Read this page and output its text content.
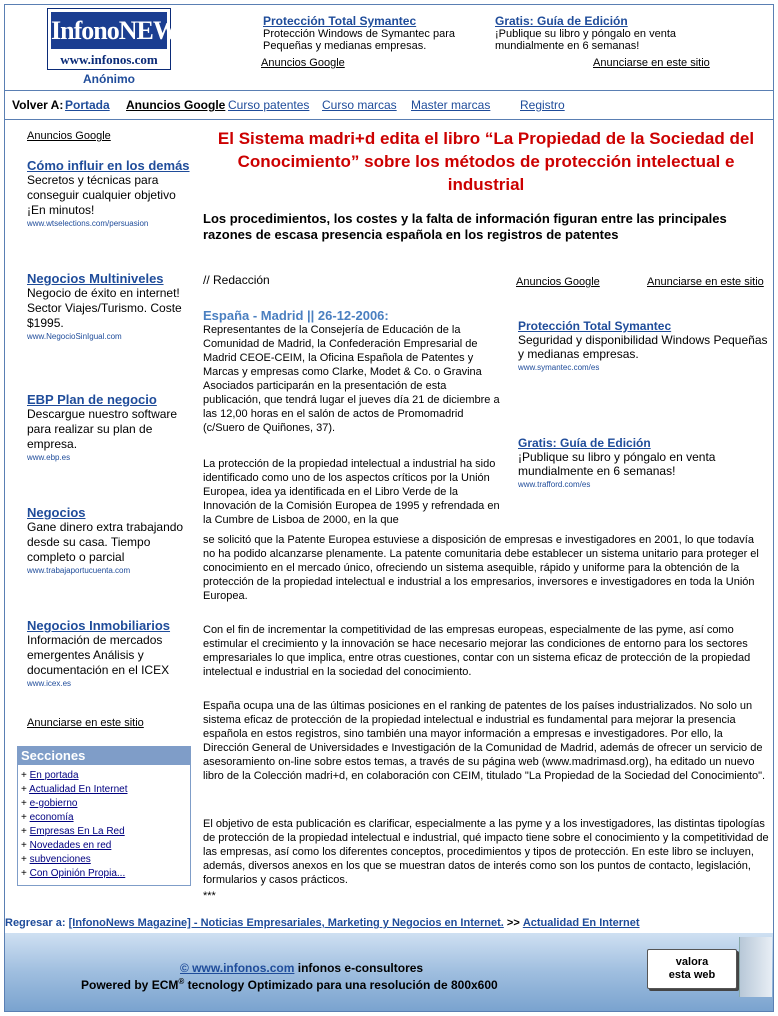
InfonoNEWS
www.infonos.com
Anónimo
Protección Total Symantec
Protección Windows de Symantec para Pequeñas y medianas empresas.
Gratis: Guía de Edición
¡Publique su libro y póngalo en venta mundialmente en 6 semanas!
Anuncios Google	Anunciarse en este sitio
Volver A: Portada Anuncios Google Curso patentes Curso marcas Master marcas Registro
Anuncios Google
Cómo influir en los demás
Secretos y técnicas para conseguir cualquier objetivo ¡En minutos!
www.wtselections.com/persuasion
Negocios Multiniveles
Negocio de éxito en internet! Sector Viajes/Turismo. Coste $1995.
www.NegocioSinIgual.com
EBP Plan de negocio
Descargue nuestro software para realizar su plan de empresa.
www.ebp.es
Negocios
Gane dinero extra trabajando desde su casa. Tiempo completo o parcial
www.trabajaportucuenta.com
Negocios Inmobiliarios
Información de mercados emergentes Análisis y documentación en el ICEX
www.icex.es
Anunciarse en este sitio
Secciones
+ En portada
+ Actualidad En Internet
+ e-gobierno
+ economía
+ Empresas En La Red
+ Novedades en red
+ subvenciones
+ Con Opinión Propia...
El Sistema madri+d edita el libro “La Propiedad de la Sociedad del Conocimiento” sobre los métodos de protección intelectual e industrial
Los procedimientos, los costes y la falta de información figuran entre las principales razones de escasa presencia española en los registros de patentes
// Redacción	Anuncios Google	Anunciarse en este sitio
España - Madrid || 26-12-2006:
Representantes de la Consejería de Educación de la Comunidad de Madrid, la Confederación Empresarial de Madrid CEOE-CEIM, la Oficina Española de Patentes y Marcas y empresas como Clarke, Modet & Co. o Gravina Asociados participarán en la presentación de esta publicación, que tendrá lugar el jueves día 21 de diciembre a las 12,00 horas en el salón de actos de Promomadrid (c/Suero de Quiñones, 37).
La protección de la propiedad intelectual a industrial ha sido identificado como uno de los aspectos críticos por la Unión Europea, idea ya identificada en el Libro Verde de la Innovación de la Comisión Europea de 1995 y refrendada en la Cumbre de Lisboa de 2000, en la que
se solicitó que la Patente Europea estuviese a disposición de empresas e investigadores en 2001, lo que todavía no ha podido alcanzarse plenamente. La patente comunitaria debe establecer un sistema unitario para proteger el conocimiento en el mercado único, ofreciendo un sistema asequible, rápido y uniforme para la obtención de la protección de la propiedad intelectual e industrial a los empresarios, inversores e investigadores en toda la Unión Europea.
Con el fin de incrementar la competitividad de las empresas europeas, especialmente de las pyme, así como estimular el crecimiento y la innovación se hace necesario mejorar las condiciones de entorno para los sectores empresariales lo que implica, entre otras cuestiones, contar con un sistema eficaz de protección de la propiedad intelectual e industrial en la sociedad del conocimiento.
España ocupa una de las últimas posiciones en el ranking de patentes de los países industrializados. No solo un sistema eficaz de protección de la propiedad intelectual e industrial es fundamental para mejorar la presencia española en estos registros, sino también una mayor información a empresas e investigadores. Por ello, la Dirección General de Universidades e Investigación de la Comunidad de Madrid, además de ofrecer un servicio de asesoramiento on-line sobre estos temas, a través de su página web (www.madrimasd.org), ha editado un nuevo libro de la Colección madri+d, en colaboración con CEIM, titulado "La Propiedad de la Sociedad del Conocimiento".
El objetivo de esta publicación es clarificar, especialmente a las pyme y a los investigadores, las distintas tipologías de protección de la propiedad intelectual e industrial, qué impacto tiene sobre el conocimiento y la competitividad de las empresas, así como los diferentes conceptos, procedimientos y tipos de protección. En este libro se incluyen, además, diversos anexos en los que se muestran datos de interés como son los puntos de contacto, legislación, formularios y casos prácticos.
***
Protección Total Symantec
Seguridad y disponibilidad Windows Pequeñas y medianas empresas.
www.symantec.com/es
Gratis: Guía de Edición
¡Publique su libro y póngalo en venta mundialmente en 6 semanas!
www.trafford.com/es
Regresar a: [InfonoNews Magazine] - Noticias Empresariales, Marketing y Negocios en Internet. >> Actualidad En Internet
© www.infonos.com infonos e-consultores
Powered by ECM® tecnology Optimizado para una resolución de 800x600
valora
esta web
